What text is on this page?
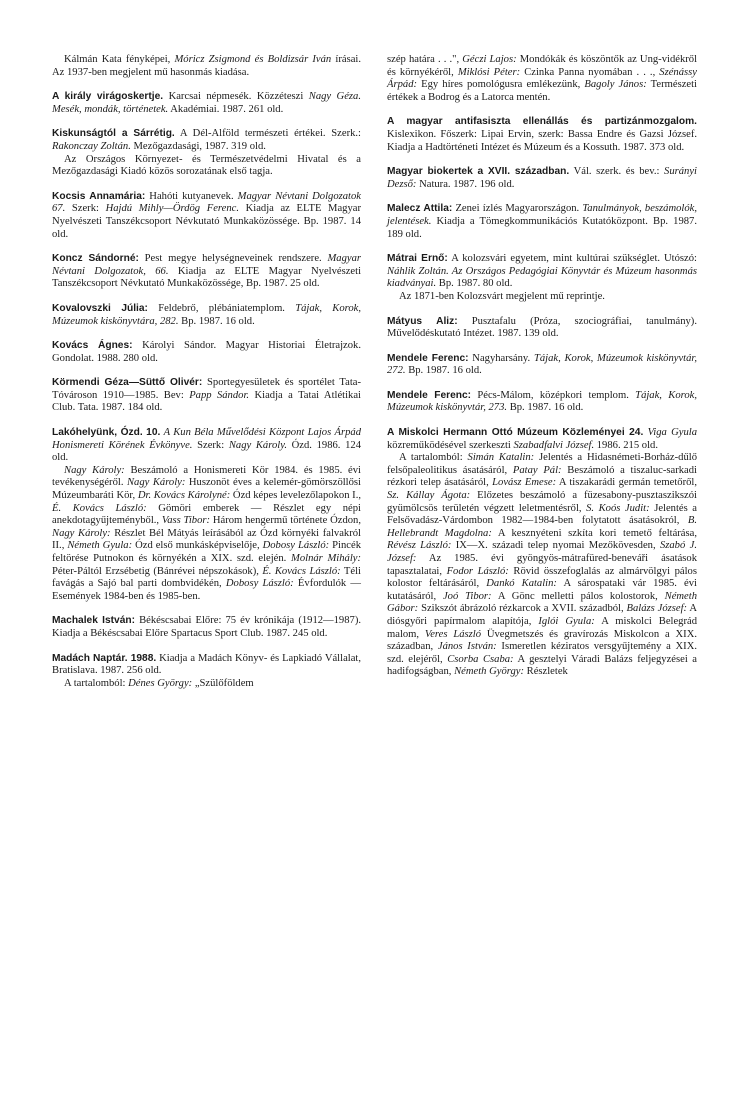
Kálmán Kata fényképei, Móricz Zsigmond és Boldizsár Iván írásai. Az 1937-ben megjelent mű hasonmás kiadása.

A király virágoskertje. Karcsai népmesék. Közzéteszi Nagy Géza. Mesék, mondák, történetek. Akadémiai. 1987. 261 old.

Kiskunságtól a Sárrétig. A Dél-Alföld természeti értékei. Szerk.: Rakonczay Zoltán. Mezőgazdasági, 1987. 319 old.

Az Országos Környezet- és Természetvédelmi Hivatal és a Mezőgazdasági Kiadó közös sorozatának első tagja.

Kocsis Annamária: Hahóti kutyanevek. Magyar Névtani Dolgozatok 67. Szerk: Hajdú Mihly—Ördög Ferenc. Kiadja az ELTE Magyar Nyelvészeti Tanszékcsoport Névkutató Munkaközössége. Bp. 1987. 14 old.

Koncz Sándorné: Pest megye helységneveinek rendszere. Magyar Névtani Dolgozatok, 66. Kiadja az ELTE Magyar Nyelvészeti Tanszékcsoport Névkutató Munkaközössége, Bp. 1987. 25 old.

Kovalovszki Júlia: Feldebrő, plébániatemplom. Tájak, Korok, Múzeumok kiskönyvtára, 282. Bp. 1987. 16 old.

Kovács Ágnes: Károlyi Sándor. Magyar Historiai Életrajzok. Gondolat. 1988. 280 old.

Körmendi Géza—Süttő Olivér: Sportegyesületek és sportélet Tata-Tóvároson 1910—1985. Bev: Papp Sándor. Kiadja a Tatai Atlétikai Club. Tata. 1987. 184 old.

Lakóhelyünk, Ózd. 10. A Kun Béla Művelődési Központ Lajos Árpád Honismereti Körének Évkönyve. Szerk: Nagy Károly. Ózd. 1986. 124 old.

Nagy Károly: Beszámoló a Honismereti Kör 1984. és 1985. évi tevékenységéről. Nagy Károly: Huszonöt éves a kelemér-gömörszöllősi Múzeumbaráti Kör, Dr. Kovács Károlyné: Ózd képes levelezőlapokon I., É. Kovács László: Gömöri emberek — Részlet egy népi anekdotagyűjteményből., Vass Tibor: Három hengermű története Ózdon, Nagy Károly: Részlet Bél Mátyás leírásából az Ózd környéki falvakról II., Németh Gyula: Ózd első munkásképviselője, Dobosy László: Pincék feltörése Putnokon és környékén a XIX. szd. elején. Molnár Mihály: Péter-Páltól Erzsébetig (Bánrévei népszokások), É. Kovács László: Téli favágás a Sajó bal parti dombvidékén, Dobosy László: Évfordulók — Események 1984-ben és 1985-ben.

Machalek István: Békéscsabai Előre: 75 év krónikája (1912—1987). Kiadja a Békéscsabai Előre Spartacus Sport Club. 1987. 245 old.

Madách Naptár. 1988. Kiadja a Madách Könyv- és Lapkiadó Vállalat, Bratislava. 1987. 256 old.

A tartalomból: Dénes György: „Szülőföldem

szép határa . . .", Géczi Lajos: Mondókák és köszöntők az Ung-vidékről és környékéről, Miklósi Péter: Czinka Panna nyomában . . ., Szénássy Árpád: Egy híres pomológusra emlékezünk, Bagoly János: Természeti értékek a Bodrog és a Latorca mentén.

A magyar antifasiszta ellenállás és partizánmozgalom. Kislexikon. Főszerk: Lipai Ervin, szerk: Bassa Endre és Gazsi József. Kiadja a Hadtörténeti Intézet és Múzeum és a Kossuth. 1987. 373 old.

Magyar biokertek a XVII. században. Vál. szerk. és bev.: Surányi Dezső: Natura. 1987. 196 old.

Malecz Attila: Zenei ízlés Magyarországon. Tanulmányok, beszámolók, jelentések. Kiadja a Tömegkommunikációs Kutatóközpont. Bp. 1987. 189 old.

Mátrai Ernő: A kolozsvári egyetem, mint kultúrai szükséglet. Utószó: Náhlik Zoltán. Az Országos Pedagógiai Könyvtár és Múzeum hasonmás kiadványai. Bp. 1987. 80 old.

Az 1871-ben Kolozsvárt megjelent mű reprintje.

Mátyus Aliz: Pusztafalu (Próza, szociográfiai, tanulmány). Művelődéskutató Intézet. 1987. 139 old.

Mendele Ferenc: Nagyharsány. Tájak, Korok, Múzeumok kiskönyvtár, 272. Bp. 1987. 16 old.

Mendele Ferenc: Pécs-Málom, középkori templom. Tájak, Korok, Múzeumok kiskönyvtár, 273. Bp. 1987. 16 old.

A Miskolci Hermann Ottó Múzeum Közleményei 24. Viga Gyula közreműködésével szerkeszti Szabadfalvi József. 1986. 215 old.

A tartalomból: Simán Katalin: Jelentés a Hidasnémeti-Borház-dűlő felsőpaleolitikus ásatásáról, Patay Pál: Beszámoló a tiszaluc-sarkadi rézkori telep ásatásáról, Lovász Emese: A tiszakarádi germán temetőről, Sz. Kállay Ágota: Előzetes beszámoló a füzesabony-pusztaszikszói gyümölcsös területén végzett leletmentésről, S. Koós Judit: Jelentés a Felsővadász-Várdombon 1982—1984-ben folytatott ásatásokról, B. Hellebrandt Magdolna: A kesznyéteni szkíta kori temető feltárása, Révész László: IX—X. századi telep nyomai Mezőkövesden, Szabó J. József: Az 1985. évi gyöngyös-mátrafüred-beneváři ásatások tapasztalatai, Fodor László: Rövid összefoglalás az almárvölgyi pálos kolostor feltárásáról, Dankó Katalin: A sárospataki vár 1985. évi kutatásáról, Joó Tibor: A Gönc melletti pálos kolostorok, Németh Gábor: Szikszót ábrázoló rézkarcok a XVII. századból, Balázs József: A diósgyőri papírmalom alapítója, Iglói Gyula: A miskolci Belegrád malom, Veres László Üvegmetszés és gravírozás Miskolcon a XIX. században, János István: Ismeretlen kéziratos versgyűjtemény a XIX. szd. elejéről, Csorba Csaba: A gesztelyi Váradi Balázs feljegyzései a hadifogságban, Németh György: Részletek
